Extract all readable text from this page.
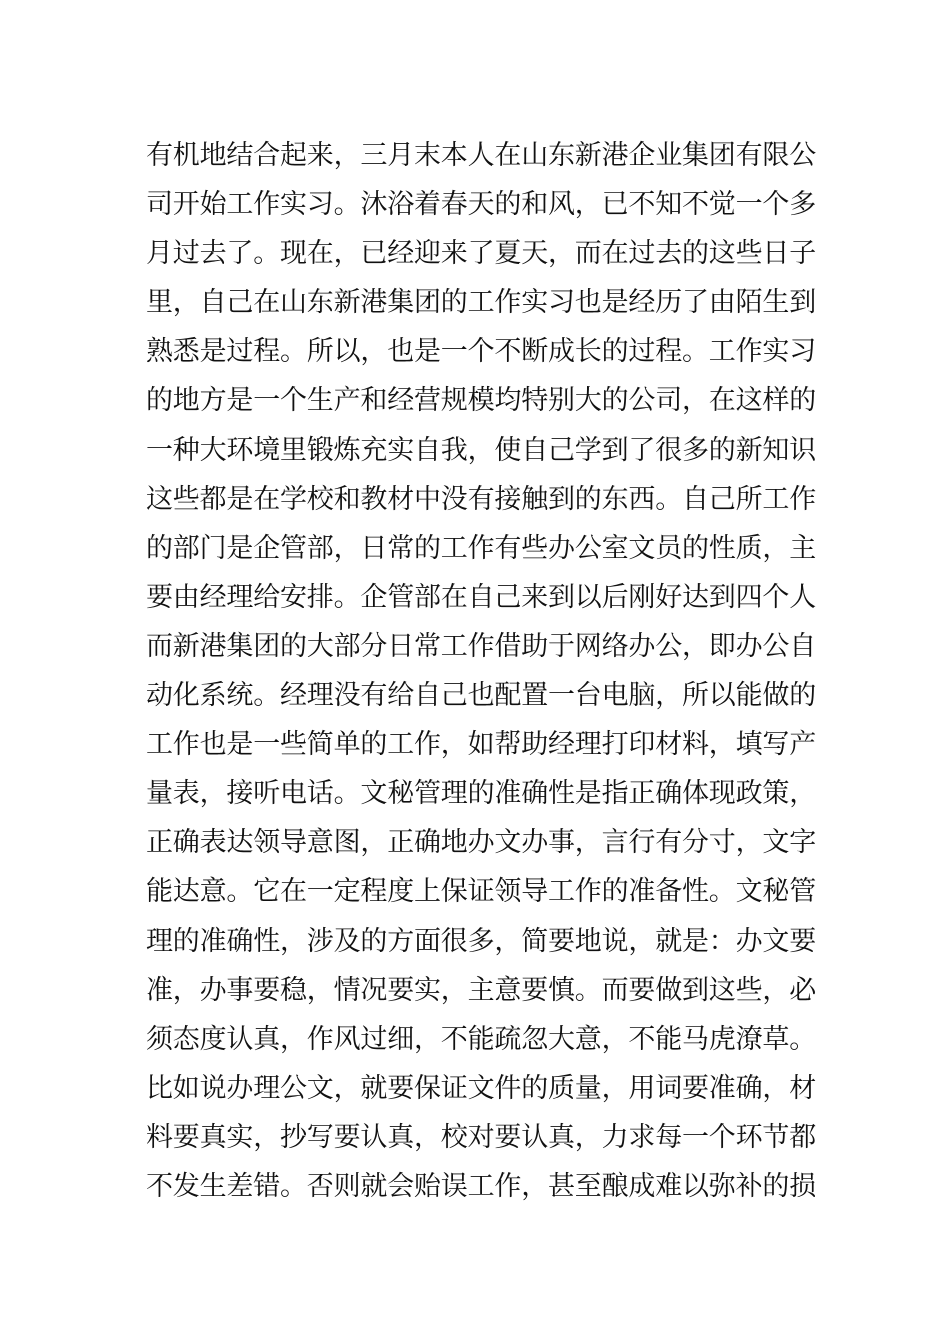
有机地结合起来，三月末本人在山东新港企业集团有限公
司开始工作实习。沐浴着春天的和风，已不知不觉一个多
月过去了。现在，已经迎来了夏天，而在过去的这些日子
里，自己在山东新港集团的工作实习也是经历了由陌生到
熟悉是过程。所以，也是一个不断成长的过程。工作实习
的地方是一个生产和经营规模均特别大的公司，在这样的
一种大环境里锻炼充实自我，使自己学到了很多的新知识
这些都是在学校和教材中没有接触到的东西。自己所工作
的部门是企管部，日常的工作有些办公室文员的性质，主
要由经理给安排。企管部在自己来到以后刚好达到四个人
而新港集团的大部分日常工作借助于网络办公，即办公自
动化系统。经理没有给自己也配置一台电脑，所以能做的
工作也是一些简单的工作，如帮助经理打印材料，填写产
量表，接听电话。文秘管理的准确性是指正确体现政策，
正确表达领导意图，正确地办文办事，言行有分寸，文字
能达意。它在一定程度上保证领导工作的准备性。文秘管
理的准确性，涉及的方面很多，简要地说，就是：办文要
准，办事要稳，情况要实，主意要慎。而要做到这些，必
须态度认真，作风过细，不能疏忽大意，不能马虎潦草。
比如说办理公文，就要保证文件的质量，用词要准确，材
料要真实，抄写要认真，校对要认真，力求每一个环节都
不发生差错。否则就会贻误工作，甚至酿成难以弥补的损
